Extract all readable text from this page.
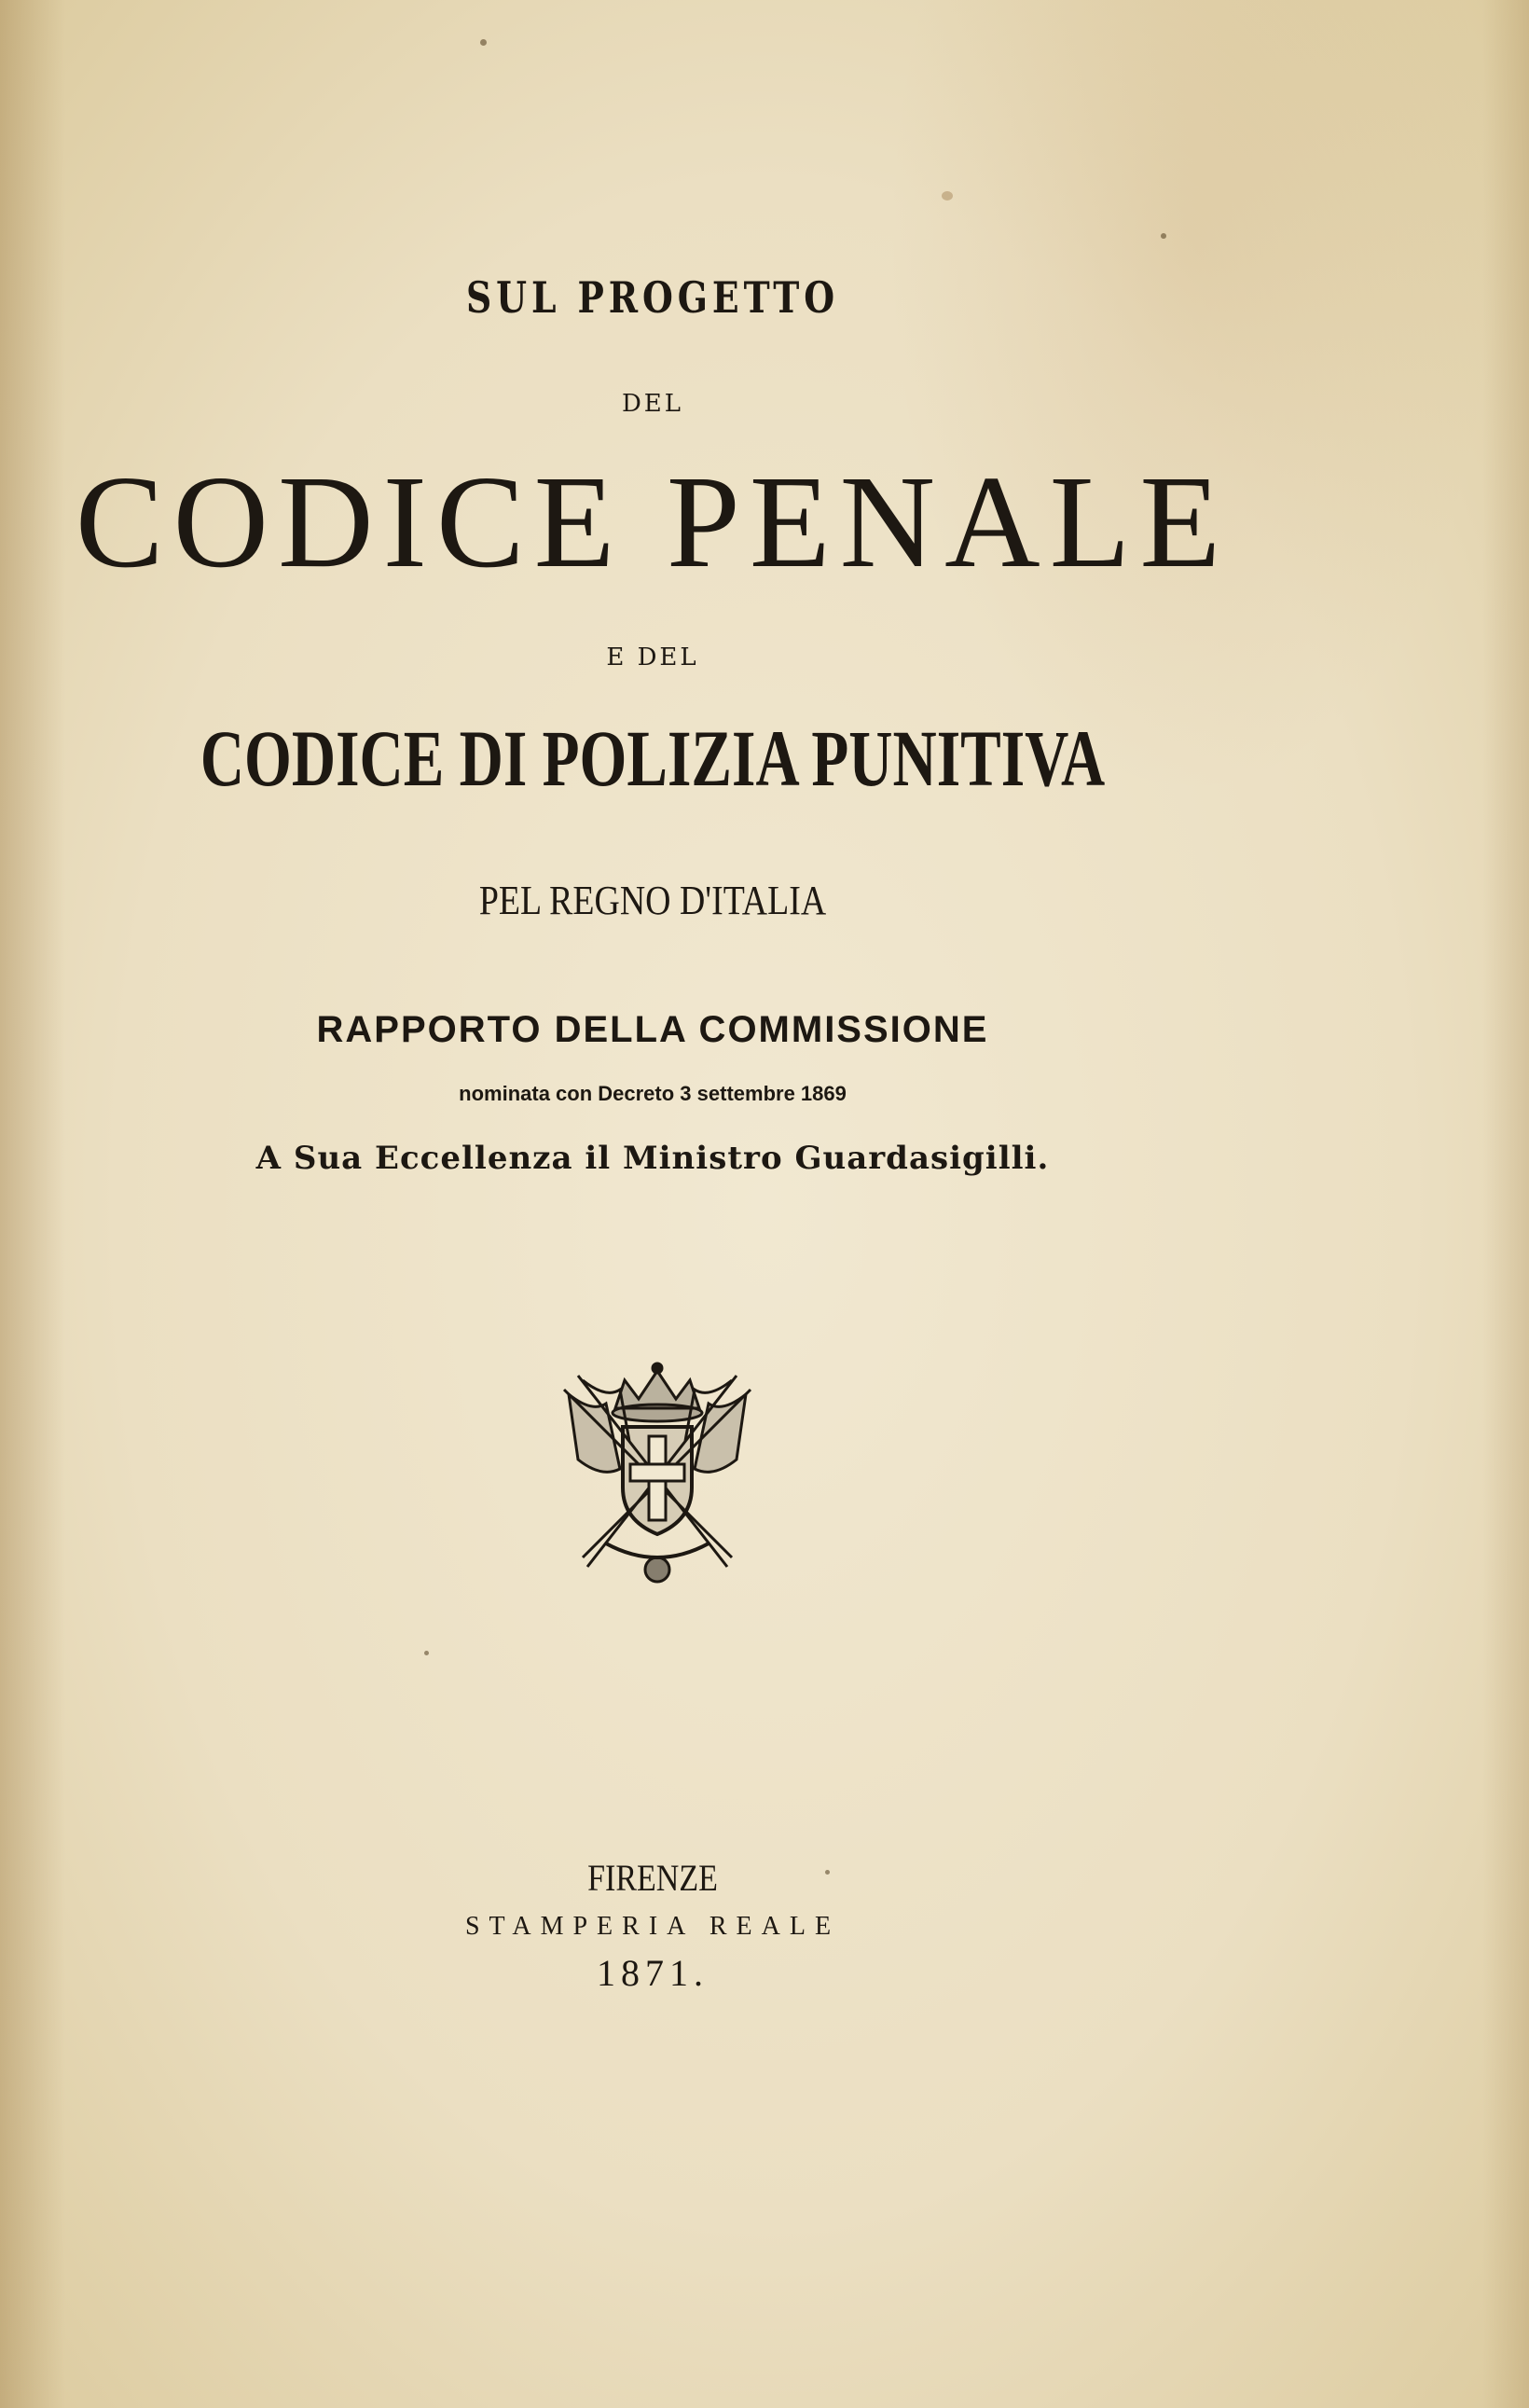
SUL PROGETTO
DEL
CODICE PENALE
E DEL
CODICE DI POLIZIA PUNITIVA
PEL REGNO D'ITALIA
RAPPORTO DELLA COMMISSIONE
nominata con Decreto 3 settembre 1869
A Sua Eccellenza il Ministro Guardasigilli.
FIRENZE
STAMPERIA REALE
1871.
